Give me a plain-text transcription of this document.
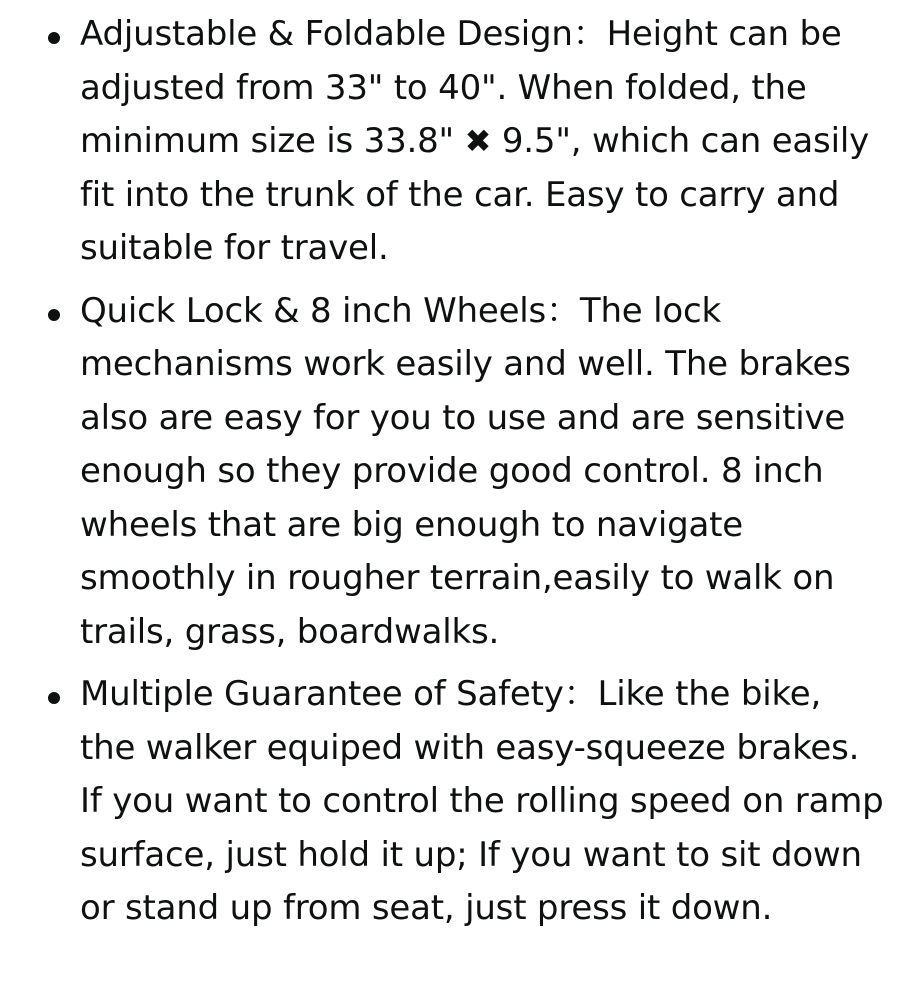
Adjustable & Foldable Design：Height can be adjusted from 33" to 40". When folded, the minimum size is 33.8" ✖ 9.5", which can easily fit into the trunk of the car. Easy to carry and suitable for travel.
Quick Lock & 8 inch Wheels：The lock mechanisms work easily and well. The brakes also are easy for you to use and are sensitive enough so they provide good control. 8 inch wheels that are big enough to navigate smoothly in rougher terrain,easily to walk on trails, grass, boardwalks.
Multiple Guarantee of Safety：Like the bike, the walker equiped with easy-squeeze brakes. If you want to control the rolling speed on ramp surface, just hold it up; If you want to sit down or stand up from seat, just press it down.
